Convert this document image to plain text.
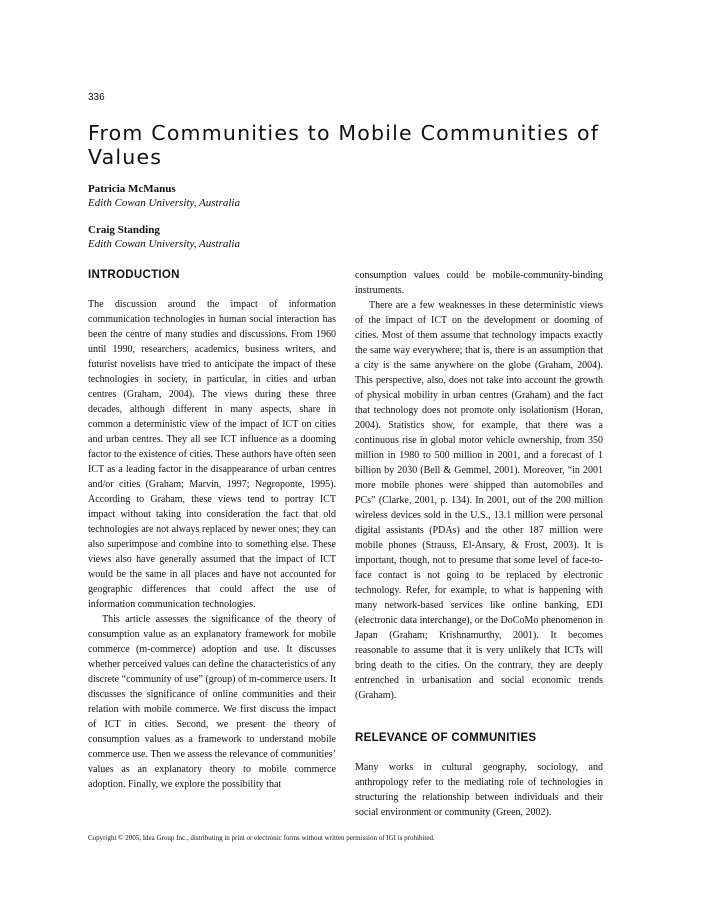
336
From Communities to Mobile Communities of Values
Patricia McManus
Edith Cowan University, Australia
Craig Standing
Edith Cowan University, Australia
INTRODUCTION

The discussion around the impact of information communication technologies in human social interaction has been the centre of many studies and discussions. From 1960 until 1990, researchers, academics, business writers, and futurist novelists have tried to anticipate the impact of these technologies in society, in particular, in cities and urban centres (Graham, 2004). The views during these three decades, although different in many aspects, share in common a deterministic view of the impact of ICT on cities and urban centres. They all see ICT influence as a dooming factor to the existence of cities. These authors have often seen ICT as a leading factor in the disappearance of urban centres and/or cities (Graham; Marvin, 1997; Negroponte, 1995). According to Graham, these views tend to portray ICT impact without taking into consideration the fact that old technologies are not always replaced by newer ones; they can also superimpose and combine into to something else. These views also have generally assumed that the impact of ICT would be the same in all places and have not accounted for geographic differences that could affect the use of information communication technologies.

This article assesses the significance of the theory of consumption value as an explanatory framework for mobile commerce (m-commerce) adoption and use. It discusses whether perceived values can define the characteristics of any discrete “community of use” (group) of m-commerce users. It discusses the significance of online communities and their relation with mobile commerce. We first discuss the impact of ICT in cities. Second, we present the theory of consumption values as a framework to understand mobile commerce use. Then we assess the relevance of communities’ values as an explanatory theory to mobile commerce adoption. Finally, we explore the possibility that

consumption values could be mobile-community-binding instruments.

There are a few weaknesses in these deterministic views of the impact of ICT on the development or dooming of cities. Most of them assume that technology impacts exactly the same way everywhere; that is, there is an assumption that a city is the same anywhere on the globe (Graham, 2004). This perspective, also, does not take into account the growth of physical mobility in urban centres (Graham) and the fact that technology does not promote only isolationism (Horan, 2004). Statistics show, for example, that there was a continuous rise in global motor vehicle ownership, from 350 million in 1980 to 500 million in 2001, and a forecast of 1 billion by 2030 (Bell & Gemmel, 2001). Moreover, “in 2001 more mobile phones were shipped than automobiles and PCs” (Clarke, 2001, p. 134). In 2001, out of the 200 million wireless devices sold in the U.S., 13.1 million were personal digital assistants (PDAs) and the other 187 million were mobile phones (Strauss, El-Ansary, & Frost, 2003). It is important, though, not to presume that some level of face-to-face contact is not going to be replaced by electronic technology. Refer, for example, to what is happening with many network-based services like online banking, EDI (electronic data interchange), or the DoCoMo phenomenon in Japan (Graham; Krishnamurthy, 2001). It becomes reasonable to assume that it is very unlikely that ICTs will bring death to the cities. On the contrary, they are deeply entrenched in urbanisation and social economic trends (Graham).

RELEVANCE OF COMMUNITIES

Many works in cultural geography, sociology, and anthropology refer to the mediating role of technologies in structuring the relationship between individuals and their social environment or community (Green, 2002).

Copyright © 2005, Idea Group Inc., distributing in print or electronic forms without written permission of IGI is prohibited.
